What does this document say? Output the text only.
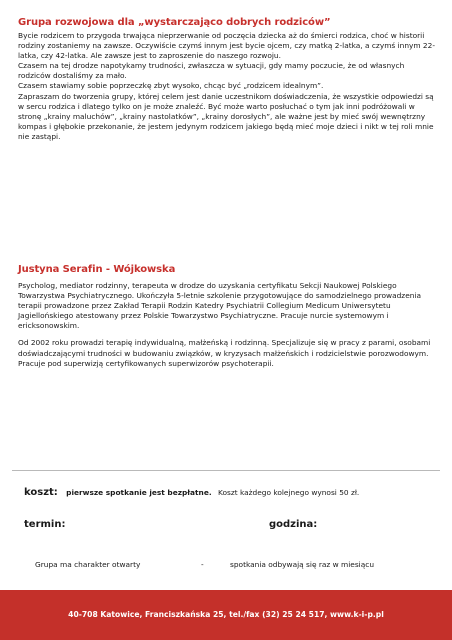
Grupa rozwojowa dla „wystarczająco dobrych rodziców”

Bycie rodzicem to przygoda trwająca nieprzerwanie od poczęcia dziecka aż do śmierci rodzica, choć w historii rodziny zostaniemy na zawsze. Oczywiście czymś innym jest bycie ojcem, czy matką 2-latka, a czymś innym 22-latka, czy 42-latka. Ale zawsze jest to zaproszenie do naszego rozwoju.

Czasem na tej drodze napotykamy trudności, zwłaszcza w sytuacji, gdy mamy poczucie, że od własnych rodziców dostaliśmy za mało.

Czasem stawiamy sobie poprzeczkę zbyt wysoko, chcąc być „rodzicem idealnym”.

Zapraszam do tworzenia grupy, której celem jest danie uczestnikom doświadczenia, że wszystkie odpowiedzi są w sercu rodzica i dlatego tylko on je może znaleźć. Być może warto posłuchać o tym jak inni podróżowali w stronę „krainy maluchów”, „krainy nastolatków”, „krainy dorosłych”, ale ważne jest by mieć swój wewnętrzny kompas i głębokie przekonanie, że jestem jedynym rodzicem jakiego będą mieć moje dzieci i nikt w tej roli mnie nie zastąpi.

Justyna Serafin - Wójkowska

Psycholog, mediator rodzinny, terapeuta w drodze do uzyskania certyfikatu Sekcji Naukowej Polskiego Towarzystwa Psychiatrycznego. Ukończyła 5-letnie szkolenie przygotowujące do samodzielnego prowadzenia terapii prowadzone przez Zakład Terapii Rodzin Katedry Psychiatrii Collegium Medicum Uniwersytetu Jagiellońskiego atestowany przez Polskie Towarzystwo Psychiatryczne. Pracuje nurcie systemowym i ericksonowskim.

Od 2002 roku prowadzi terapię indywidualną, małżeńską i rodzinną. Specjalizuje się w pracy z parami, osobami doświadczającymi trudności w budowaniu związków, w kryzysach małżeńskich i rodzicielstwie porozwodowym. Pracuje pod superwizją certyfikowanych superwizorów psychoterapii.

koszt: pierwsze spotkanie jest bezpłatne. Koszt każdego kolejnego wynosi 50 zł.
termin:	godzina:
Grupa ma charakter otwarty	-	spotkania odbywają się raz w miesiącu
40-708 Katowice, Franciszkańska 25, tel./fax (32) 25 24 517, www.k-i-p.pl
